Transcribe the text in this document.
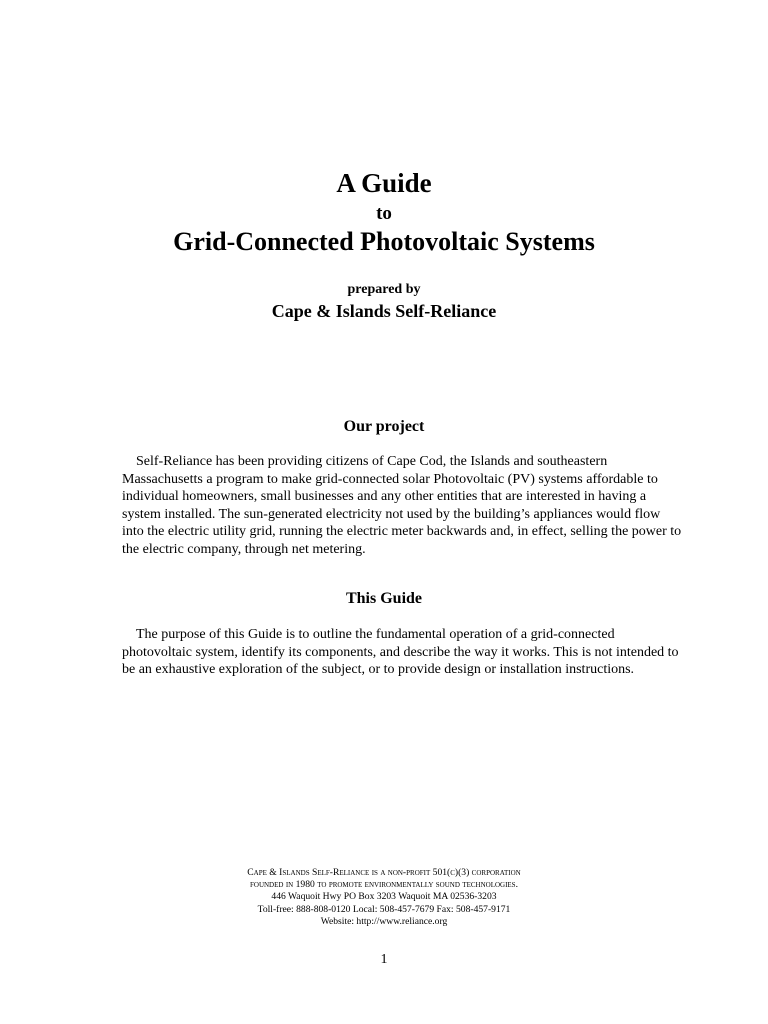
A Guide
to
Grid-Connected Photovoltaic Systems
prepared by
Cape & Islands Self-Reliance
Our project
Self-Reliance has been providing citizens of Cape Cod, the Islands and southeastern Massachusetts a program to make grid-connected solar Photovoltaic (PV) systems affordable to individual homeowners, small businesses and any other entities that are interested in having a system installed. The sun-generated electricity not used by the building’s appliances would flow into the electric utility grid, running the electric meter backwards and, in effect, selling the power to the electric company, through net metering.
This Guide
The purpose of this Guide is to outline the fundamental operation of a grid-connected photovoltaic system, identify its components, and describe the way it works. This is not intended to be an exhaustive exploration of the subject, or to provide design or installation instructions.
Cape & Islands Self-Reliance is a non-profit 501(c)(3) corporation
founded in 1980 to promote environmentally sound technologies.
446 Waquoit Hwy PO Box 3203 Waquoit MA 02536-3203
Toll-free: 888-808-0120 Local: 508-457-7679 Fax: 508-457-9171
Website: http://www.reliance.org
1
